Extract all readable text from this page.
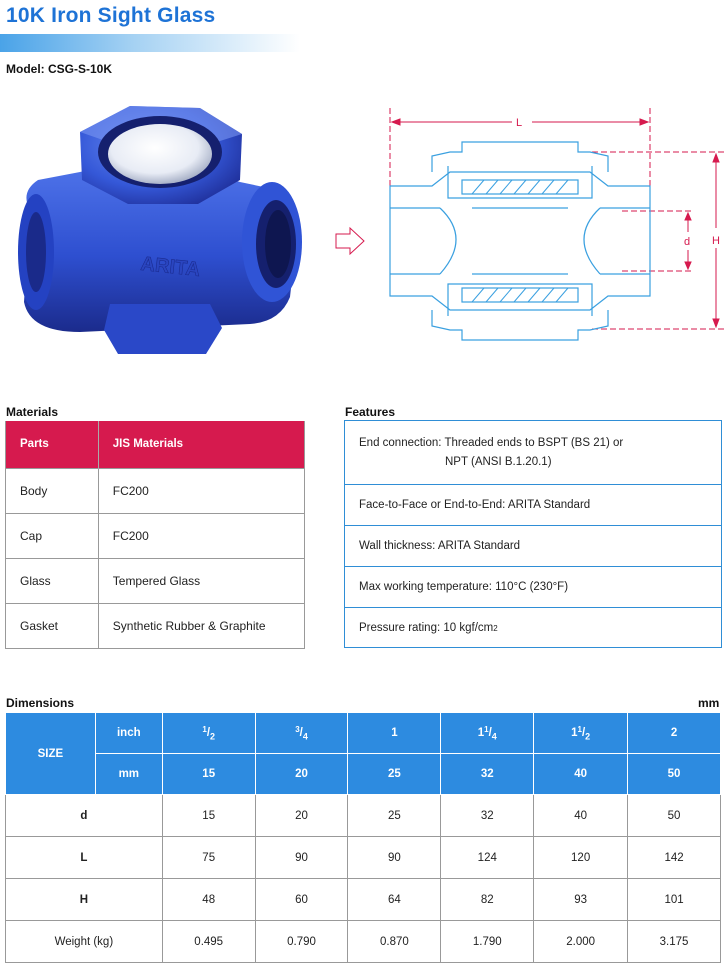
10K Iron Sight Glass
Model: CSG-S-10K
ARITA
L
H
d
Materials
Parts	JIS Materials
Body	FC200
Cap	FC200
Glass	Tempered Glass
Gasket	Synthetic Rubber & Graphite
Features
End connection: Threaded ends to BSPT (BS 21) or
NPT (ANSI B.1.20.1)
Face-to-Face or End-to-End: ARITA Standard
Wall thickness: ARITA Standard
Max working temperature: 110°C (230°F)
Pressure rating: 10 kgf/cm 2
Dimensions	mm
SIZE	inch	$^1/_2$	$^3/_4$	1	$1^1/_4$	$1^1/_2$	2
	mm	15	20	25	32	40	50
d		15	20	25	32	40	50
L		75	90	90	124	120	142
H		48	60	64	82	93	101
Weight (kg)		0.495	0.790	0.870	1.790	2.000	3.175
